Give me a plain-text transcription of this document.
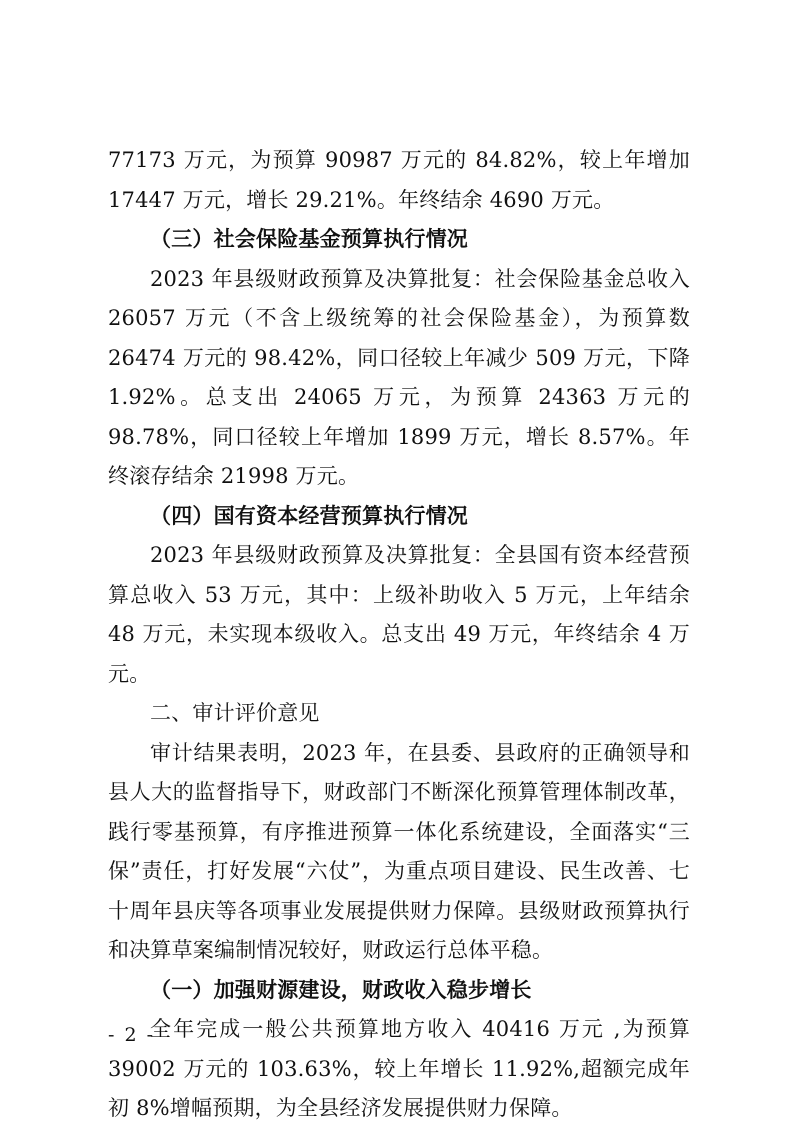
77173 万元，为预算 90987 万元的 84.82%，较上年增加 17447 万元，增长 29.21%。年终结余 4690 万元。

（三）社会保险基金预算执行情况

2023 年县级财政预算及决算批复：社会保险基金总收入 26057 万元（不含上级统筹的社会保险基金），为预算数 26474 万元的 98.42%，同口径较上年减少 509 万元，下降 1.92%。总支出 24065 万元，为预算 24363 万元的 98.78%，同口径较上年增加 1899 万元，增长 8.57%。年终滚存结余 21998 万元。

（四）国有资本经营预算执行情况

2023 年县级财政预算及决算批复：全县国有资本经营预算总收入 53 万元，其中：上级补助收入 5 万元，上年结余 48 万元，未实现本级收入。总支出 49 万元，年终结余 4 万元。

二、审计评价意见

审计结果表明，2023 年，在县委、县政府的正确领导和县人大的监督指导下，财政部门不断深化预算管理体制改革，践行零基预算，有序推进预算一体化系统建设，全面落实“三保”责任，打好发展“六仗”，为重点项目建设、民生改善、七十周年县庆等各项事业发展提供财力保障。县级财政预算执行和决算草案编制情况较好，财政运行总体平稳。

（一）加强财源建设，财政收入稳步增长

全年完成一般公共预算地方收入 40416 万元 ,为预算 39002 万元的 103.63%，较上年增长 11.92%,超额完成年初 8%增幅预期，为全县经济发展提供财力保障。

- 2 -
